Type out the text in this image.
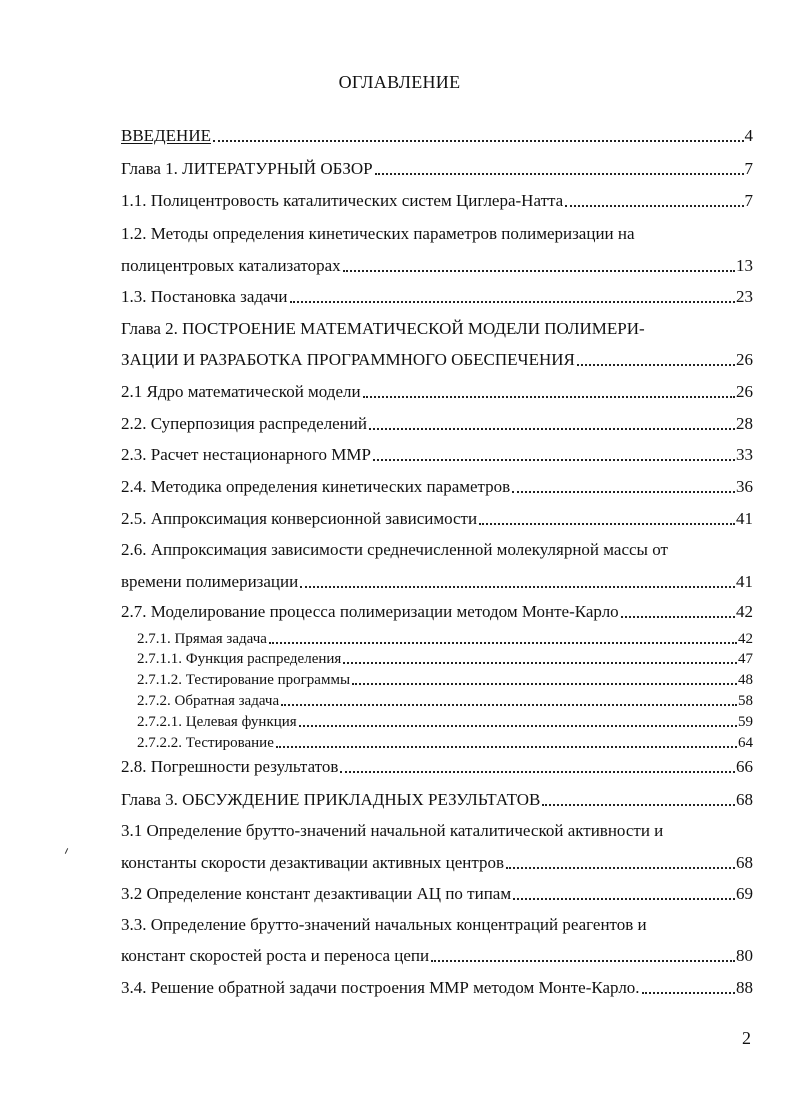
ОГЛАВЛЕНИЕ
ВВЕДЕНИЕ	4
Глава 1. ЛИТЕРАТУРНЫЙ ОБЗОР	7
1.1. Полицентровость каталитических систем Циглера-Натта	7
1.2. Методы определения кинетических параметров полимеризации на
полицентровых катализаторах	13
1.3. Постановка задачи	23
Глава 2. ПОСТРОЕНИЕ МАТЕМАТИЧЕСКОЙ МОДЕЛИ ПОЛИМЕРИ-
ЗАЦИИ И РАЗРАБОТКА ПРОГРАММНОГО ОБЕСПЕЧЕНИЯ	26
2.1 Ядро математической модели	26
2.2. Суперпозиция распределений	28
2.3. Расчет нестационарного ММР	33
2.4. Методика определения кинетических параметров	36
2.5. Аппроксимация конверсионной зависимости	41
2.6. Аппроксимация зависимости среднечисленной молекулярной массы от
времени полимеризации	41
2.7. Моделирование процесса полимеризации методом Монте-Карло	42
2.7.1. Прямая задача	42
2.7.1.1. Функция распределения	47
2.7.1.2. Тестирование программы	48
2.7.2. Обратная задача	58
2.7.2.1. Целевая функция	59
2.7.2.2. Тестирование	64
2.8. Погрешности результатов	66
Глава 3. ОБСУЖДЕНИЕ ПРИКЛАДНЫХ РЕЗУЛЬТАТОВ	68
3.1 Определение брутто-значений начальной каталитической активности и
константы скорости дезактивации активных центров	68
3.2 Определение констант дезактивации АЦ по типам	69
3.3. Определение брутто-значений начальных концентраций реагентов и
констант скоростей роста и переноса цепи	80
3.4. Решение обратной задачи построения ММР методом Монте-Карло.	88
2
